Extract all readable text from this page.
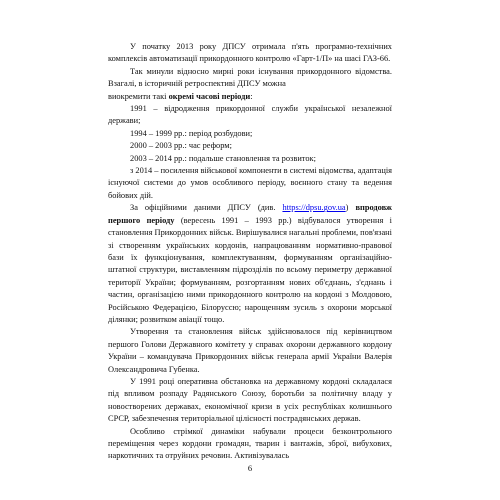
У початку 2013 року ДПСУ отримала п'ять програмно-технічних комплексів автоматизації прикордонного контролю «Гарт-1/П» на шасі ГАЗ-66.

Так минули відносно мирні роки існування прикордонного відомства. Взагалі, в історичній ретроспективі ДПСУ можна

виокремити такі окремі часові періоди:

1991 – відродження прикордонної служби української незалежної держави;

1994 – 1999 рр.: період розбудови;

2000 – 2003 рр.: час реформ;

2003 – 2014 рр.: подальше становлення та розвиток;

з 2014 – посилення військової компоненти в системі відомства, адаптація існуючої системи до умов особливого періоду, воєнного стану та ведення бойових дій.

За офіційними даними ДПСУ (див. https://dpsu.gov.ua) впродовж першого періоду (вересень 1991 – 1993 рр.) відбувалося утворення і становлення Прикордонних військ. Вирішувалися нагальні проблеми, пов'язані зі створенням українських кордонів, напрацюванням нормативно-правової бази їх функціонування, комплектуванням, формуванням організаційно-штатної структури, виставленням підрозділів по всьому периметру державної території України; формуванням, розгортанням нових об'єднань, з'єднань і частин, організацією ними прикордонного контролю на кордоні з Молдовою, Російською Федерацією, Білоруссю; нарощенням зусиль з охорони морської ділянки; розвитком авіації тощо.

Утворення та становлення військ здійснювалося під керівництвом першого Голови Державного комітету у справах охорони державного кордону України – командувача Прикордонних військ генерала армії України Валерія Олександровича Губенка.

У 1991 році оперативна обстановка на державному кордоні складалася під впливом розпаду Радянського Союзу, боротьби за політичну владу у новостворених державах, економічної кризи в усіх республіках колишнього СРСР, забезпечення територіальної цілісності пострадянських держав.

Особливо стрімкої динаміки набували процеси безконтрольного переміщення через кордони громадян, тварин і вантажів, зброї, вибухових, наркотичних та отруйних речовин. Активізувалась

6
